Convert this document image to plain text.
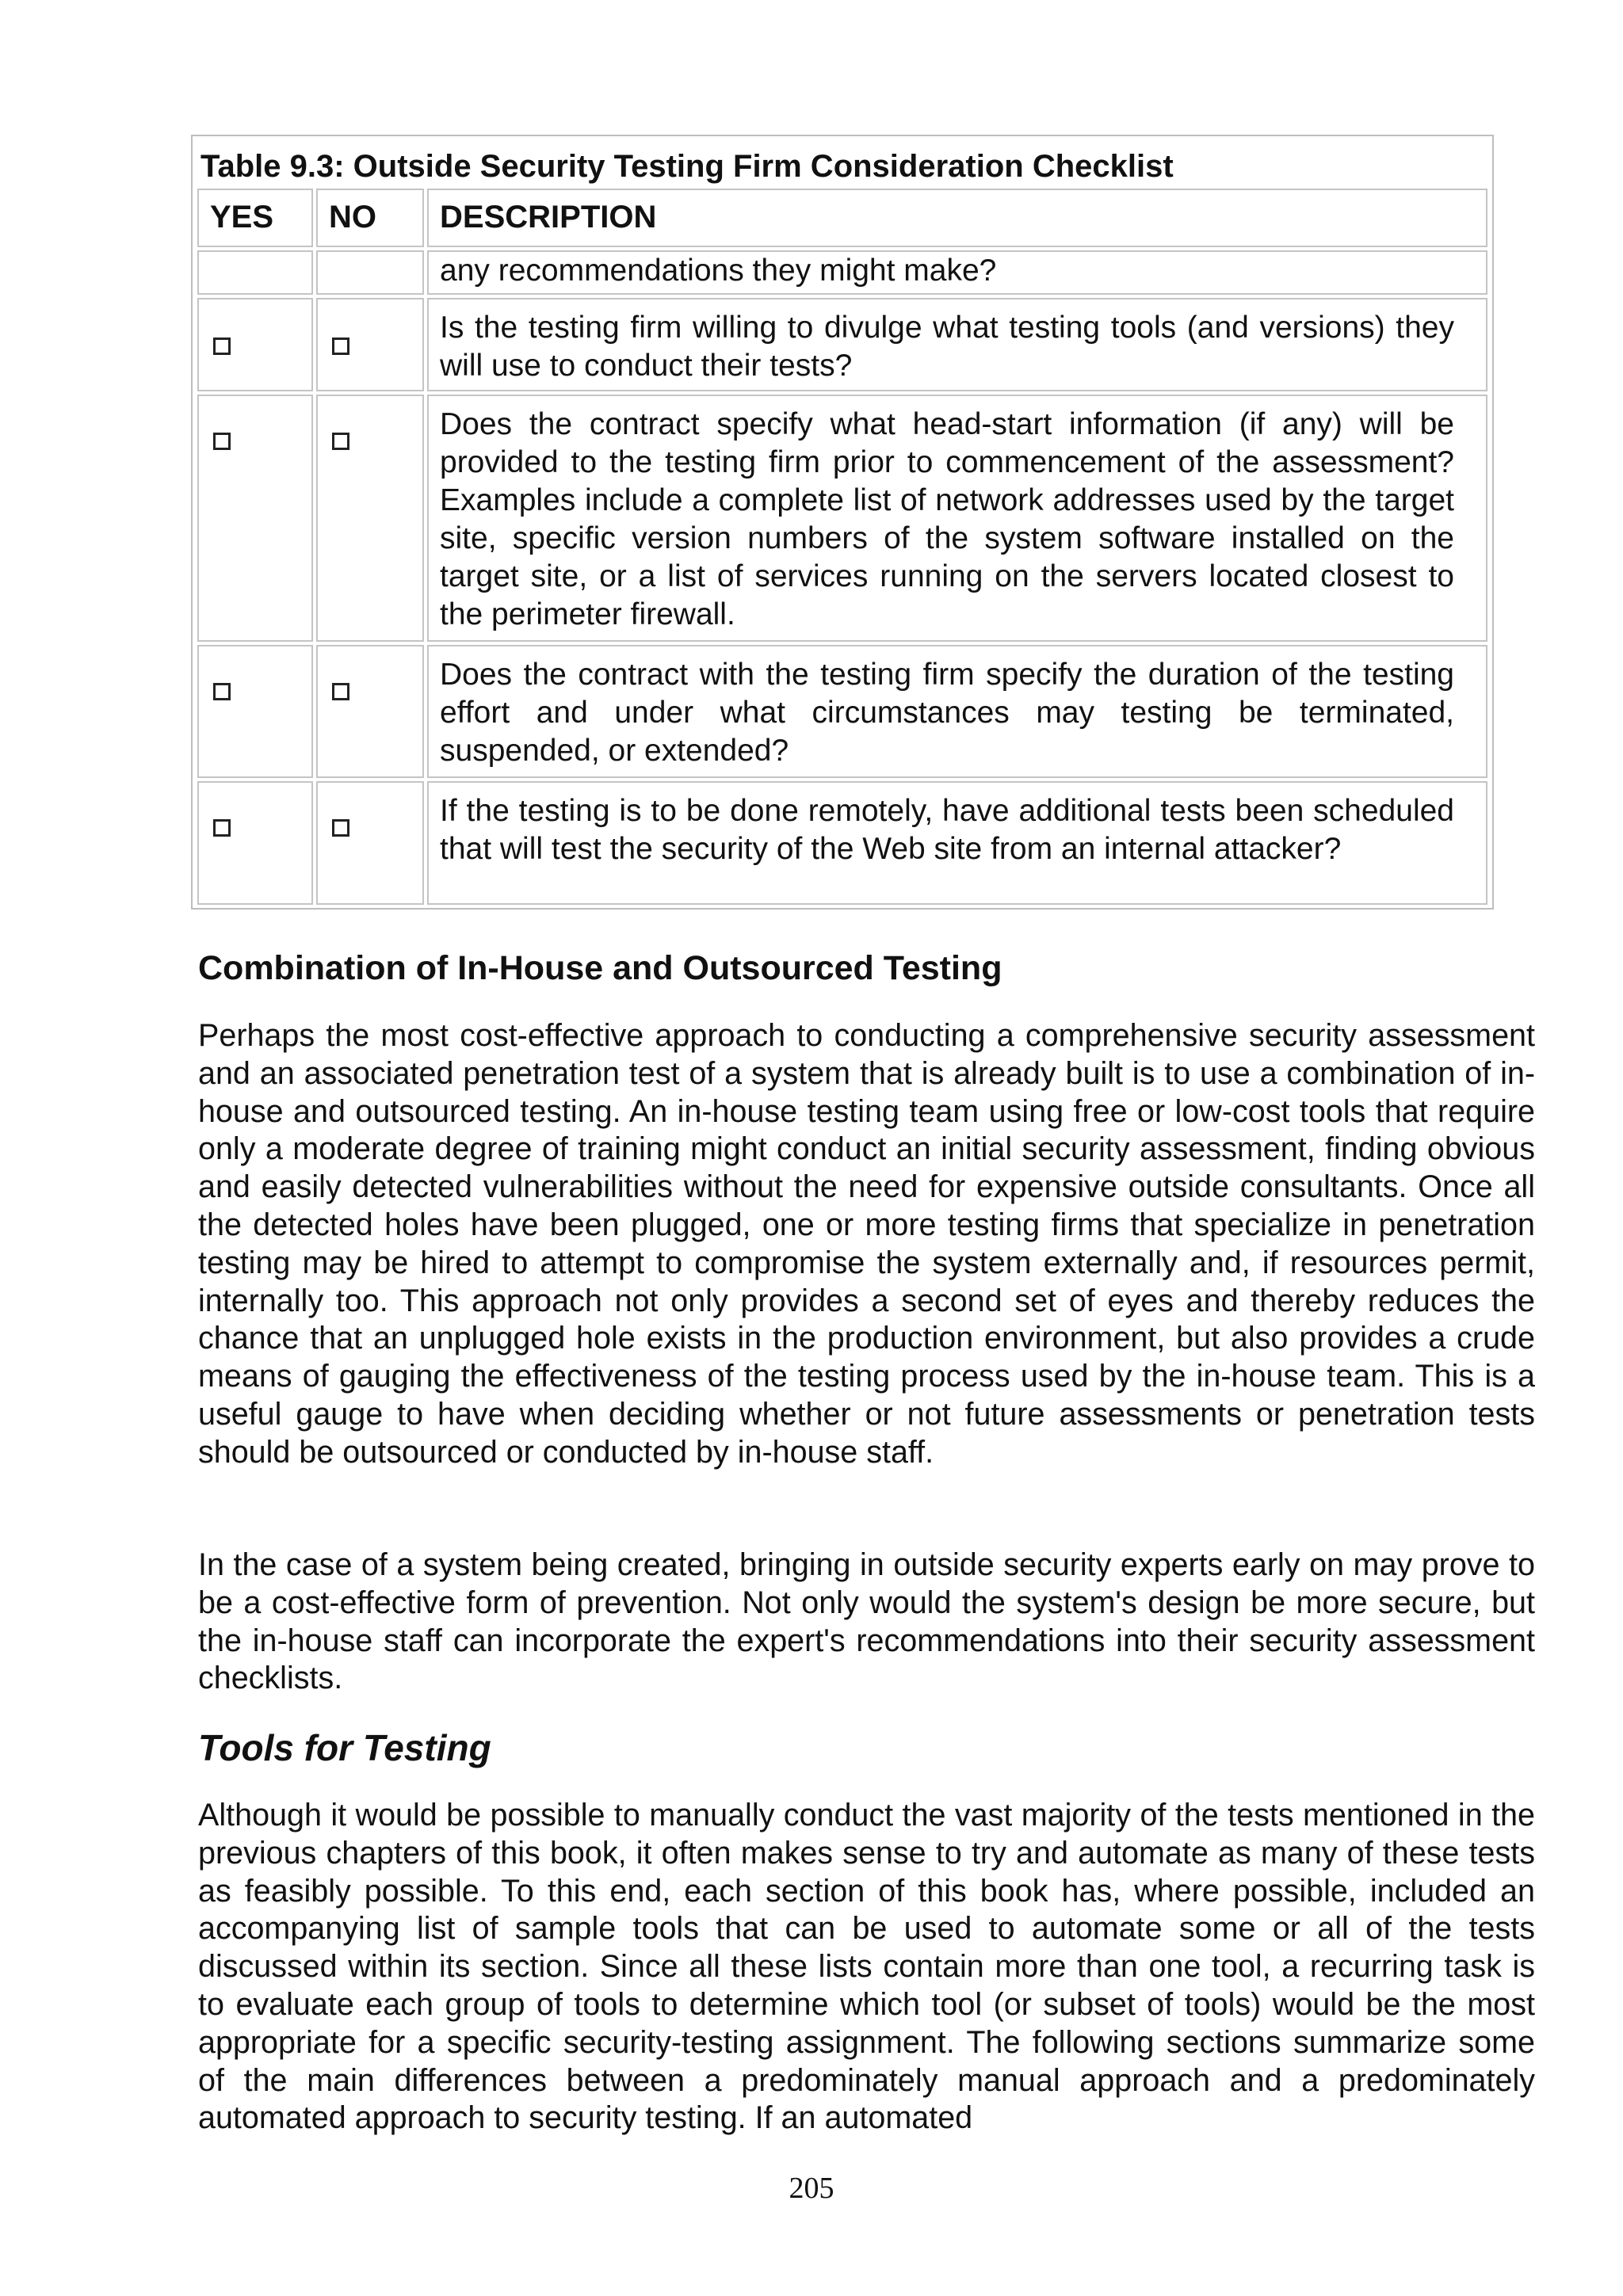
Table 9.3: Outside Security Testing Firm Consideration Checklist
YES	NO	DESCRIPTION
any recommendations they might make?
Is the testing firm willing to divulge what testing tools (and versions) they will use to conduct their tests?
Does the contract specify what head-start information (if any) will be provided to the testing firm prior to commencement of the assessment? Examples include a complete list of network addresses used by the target site, specific version numbers of the system software installed on the target site, or a list of services running on the servers located closest to the perimeter firewall.
Does the contract with the testing firm specify the duration of the testing effort and under what circumstances may testing be terminated, suspended, or extended?
If the testing is to be done remotely, have additional tests been scheduled that will test the security of the Web site from an internal attacker?
Combination of In-House and Outsourced Testing

Perhaps the most cost-effective approach to conducting a comprehensive security assessment and an associated penetration test of a system that is already built is to use a combination of in-house and outsourced testing. An in-house testing team using free or low-cost tools that require only a moderate degree of training might conduct an initial security assessment, finding obvious and easily detected vulnerabilities without the need for expensive outside consultants. Once all the detected holes have been plugged, one or more testing firms that specialize in penetration testing may be hired to attempt to compromise the system externally and, if resources permit, internally too. This approach not only provides a second set of eyes and thereby reduces the chance that an unplugged hole exists in the production environment, but also provides a crude means of gauging the effectiveness of the testing process used by the in-house team. This is a useful gauge to have when deciding whether or not future assessments or penetration tests should be outsourced or conducted by in-house staff.

In the case of a system being created, bringing in outside security experts early on may prove to be a cost-effective form of prevention. Not only would the system's design be more secure, but the in-house staff can incorporate the expert's recommendations into their security assessment checklists.

Tools for Testing

Although it would be possible to manually conduct the vast majority of the tests mentioned in the previous chapters of this book, it often makes sense to try and automate as many of these tests as feasibly possible. To this end, each section of this book has, where possible, included an accompanying list of sample tools that can be used to automate some or all of the tests discussed within its section. Since all these lists contain more than one tool, a recurring task is to evaluate each group of tools to determine which tool (or subset of tools) would be the most appropriate for a specific security-testing assignment. The following sections summarize some of the main differences between a predominately manual approach and a predominately automated approach to security testing. If an automated

205
